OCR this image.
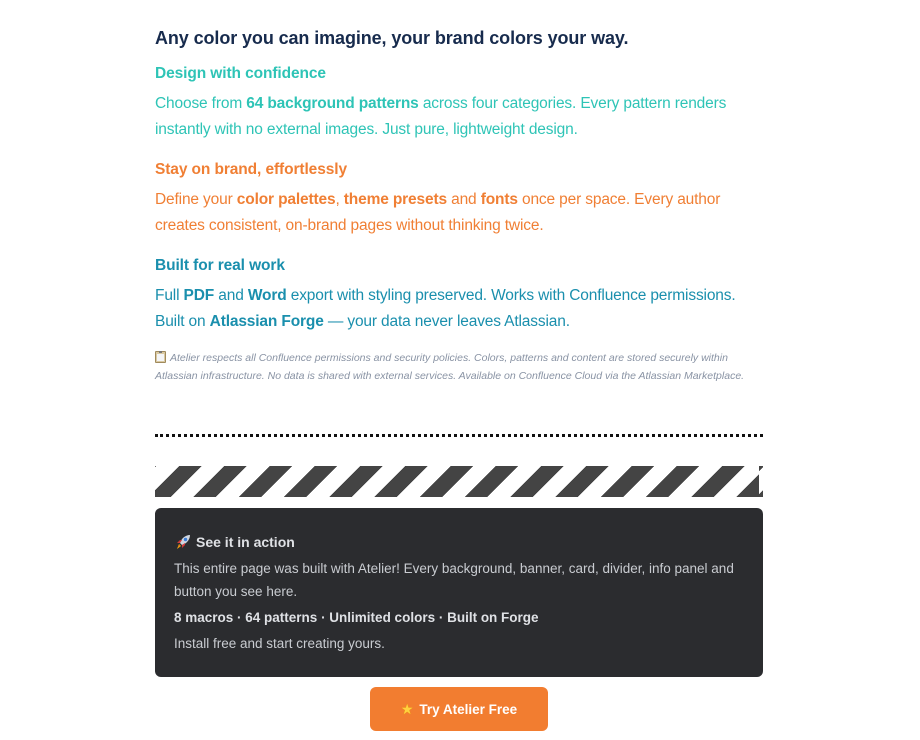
Any color you can imagine, your brand colors your way.
Design with confidence

Choose from 64 background patterns across four categories. Every pattern renders instantly with no external images. Just pure, lightweight design.

Stay on brand, effortlessly

Define your color palettes, theme presets and fonts once per space. Every author creates consistent, on-brand pages without thinking twice.

Built for real work

Full PDF and Word export with styling preserved. Works with Confluence permissions. Built on Atlassian Forge — your data never leaves Atlassian.

Atelier respects all Confluence permissions and security policies. Colors, patterns and content are stored securely within Atlassian infrastructure. No data is shared with external services. Available on Confluence Cloud via the Atlassian Marketplace.
See it in action

This entire page was built with Atelier! Every background, banner, card, divider, info panel and button you see here.

8 macros · 64 patterns · Unlimited colors · Built on Forge

Install free and start creating yours.

★ Try Atelier Free
